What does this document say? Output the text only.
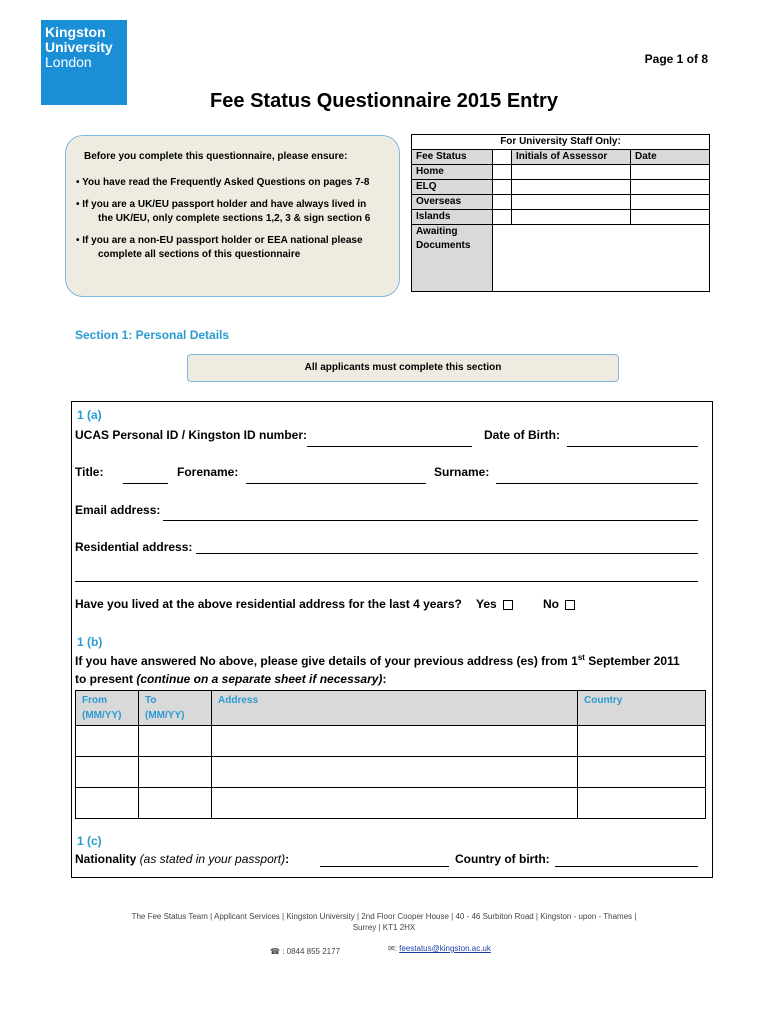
Kingston
University
London	Page 1 of 8
Fee Status Questionnaire 2015 Entry

Before you complete this questionnaire, please ensure:

• You have read the Frequently Asked Questions on pages 7-8

• If you are a UK/EU passport holder and have always lived in
the UK/EU, only complete sections 1,2, 3 & sign section 6

• If you are a non-EU passport holder or EEA national please
complete all sections of this questionnaire

For University Staff Only:			
Fee Status		Initials of Assessor	Date
Home			
ELQ			
Overseas			
Islands			
Awaiting
Documents			
Section 1: Personal Details
All applicants must complete this section
1 (a)
UCAS Personal ID / Kingston ID number:	Date of Birth:
Title:	Forename:	Surname:
Email address:
Residential address:
Have you lived at the above residential address for the last 4 years? Yes	No
1 (b)
If you have answered No above, please give details of your previous address (es) from 1st September 2011
to present (continue on a separate sheet if necessary):
From
(MM/YY)	To
(MM/YY)	Address	Country

1 (c)
Nationality (as stated in your passport):	Country of birth:
The Fee Status Team | Applicant Services | Kingston University | 2nd Floor Cooper House | 40 - 46 Surbiton Road | Kingston - upon - Thames |
Surrey | KT1 2HX
☎ : 0844 855 2177	✉: feestatus@kingston.ac.uk
